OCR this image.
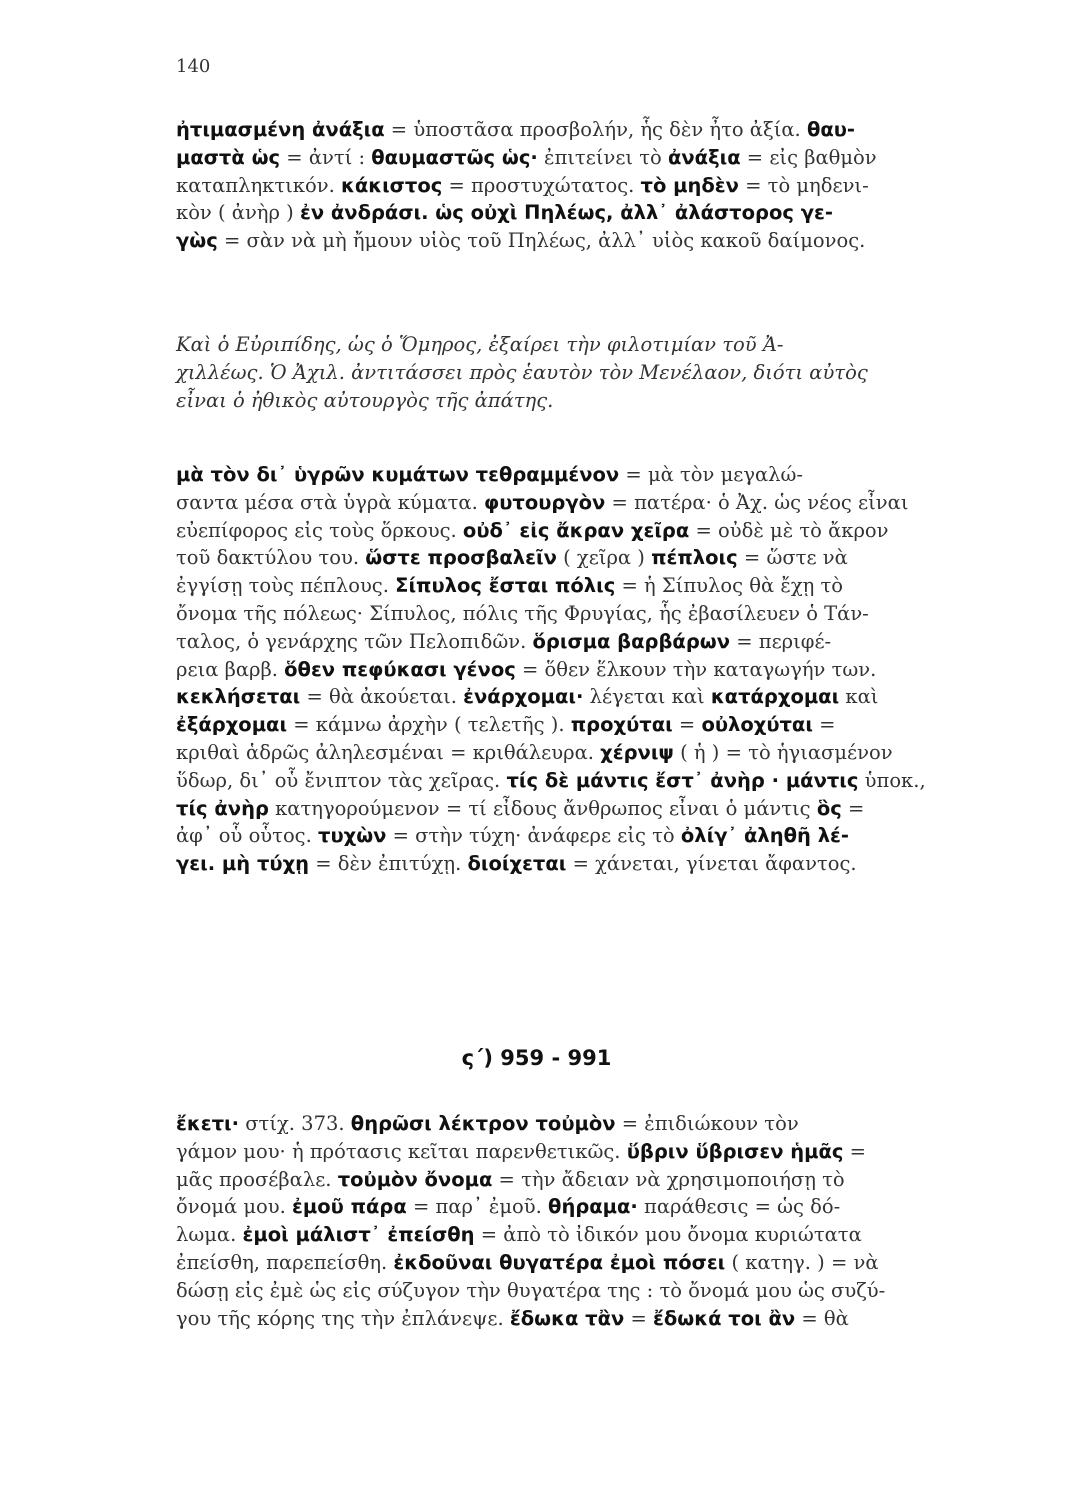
140
ἠτιμασμένη ἀνάξια = ὑποστᾶσα προσβολήν, ἧς δὲν ἦτο ἀξία. θαυ-
μαστὰ ὡς = ἀντί : θαυμαστῶς ὡς· ἐπιτείνει τὸ ἀνάξια = εἰς βαθμὸν
καταπληκτικόν. κάκιστος = προστυχώτατος. τὸ μηδὲν = τὸ μηδενι-
κὸν ( ἀνὴρ ) ἐν ἀνδράσι. ὡς οὐχὶ Πηλέως, ἀλλ᾽ ἀλάστορος γε-
γὼς = σὰν νὰ μὴ ἤμουν υἱὸς τοῦ Πηλέως, ἀλλ᾽ υἱὸς κακοῦ δαίμονος.
Καὶ ὁ Εὐριπίδης, ὡς ὁ Ὅμηρος, ἐξαίρει τὴν φιλοτιμίαν τοῦ Ἀ-
χιλλέως. Ὁ Ἀχιλ. ἀντιτάσσει πρὸς ἑαυτὸν τὸν Μενέλαον, διότι αὐτὸς
εἶναι ὁ ἠθικὸς αὐτουργὸς τῆς ἀπάτης.
μὰ τὸν δι᾽ ὑγρῶν κυμάτων τεθραμμένον = μὰ τὸν μεγαλώ-
σαντα μέσα στὰ ὑγρὰ κύματα. φυτουργὸν = πατέρα· ὁ Ἀχ. ὡς νέος εἶναι
εὐεπίφορος εἰς τοὺς ὅρκους. οὐδ᾽ εἰς ἄκραν χεῖρα = οὐδὲ μὲ τὸ ἄκρον
τοῦ δακτύλου του. ὥστε προσβαλεῖν ( χεῖρα ) πέπλοις = ὥστε νὰ
ἐγγίσῃ τοὺς πέπλους. Σίπυλος ἔσται πόλις = ἡ Σίπυλος θὰ ἔχῃ τὸ
ὄνομα τῆς πόλεως· Σίπυλος, πόλις τῆς Φρυγίας, ἧς ἐβασίλευεν ὁ Τάν-
ταλος, ὁ γενάρχης τῶν Πελοπιδῶν. ὅρισμα βαρβάρων = περιφέ-
ρεια βαρβ. ὅθεν πεφύκασι γένος = ὅθεν ἕλκουν τὴν καταγωγήν των.
κεκλήσεται = θὰ ἀκούεται. ἐνάρχομαι· λέγεται καὶ κατάρχομαι καὶ
ἐξάρχομαι = κάμνω ἀρχὴν ( τελετῆς ). προχύται = οὐλοχύται =
κριθαὶ ἁδρῶς ἀληλεσμέναι = κριθάλευρα. χέρνιψ ( ἡ ) = τὸ ἡγιασμένον
ὕδωρ, δι᾽ οὗ ἔνιπτον τὰς χεῖρας. τίς δὲ μάντις ἔστ᾽ ἀνὴρ · μάντις ὑποκ.,
τίς ἀνὴρ κατηγορούμενον = τί εἶδους ἄνθρωπος εἶναι ὁ μάντις ὃς =
ἀφ᾽ οὗ οὗτος. τυχὼν = στὴν τύχη· ἀνάφερε εἰς τὸ ὀλίγ᾽ ἀληθῆ λέ-
γει. μὴ τύχῃ = δὲν ἐπιτύχῃ. διοίχεται = χάνεται, γίνεται ἄφαντος.
ς΄) 959 - 991
ἔκετι· στίχ. 373. θηρῶσι λέκτρον τοὐμὸν = ἐπιδιώκουν τὸν
γάμον μου· ἡ πρότασις κεῖται παρενθετικῶς. ὕβριν ὕβρισεν ἡμᾶς =
μᾶς προσέβαλε. τοὐμὸν ὄνομα = τὴν ἄδειαν νὰ χρησιμοποιήσῃ τὸ
ὄνομά μου. ἐμοῦ πάρα = παρ᾽ ἐμοῦ. θήραμα· παράθεσις = ὡς δό-
λωμα. ἐμοὶ μάλιστ᾽ ἐπείσθη = ἀπὸ τὸ ἰδικόν μου ὄνομα κυριώτατα
ἐπείσθη, παρεπείσθη. ἐκδοῦναι θυγατέρα ἐμοὶ πόσει ( κατηγ. ) = νὰ
δώσῃ εἰς ἐμὲ ὡς εἰς σύζυγον τὴν θυγατέρα της : τὸ ὄνομά μου ὡς συζύ-
γου τῆς κόρης της τὴν ἐπλάνεψε. ἔδωκα τἂν = ἔδωκά τοι ἂν = θὰ
